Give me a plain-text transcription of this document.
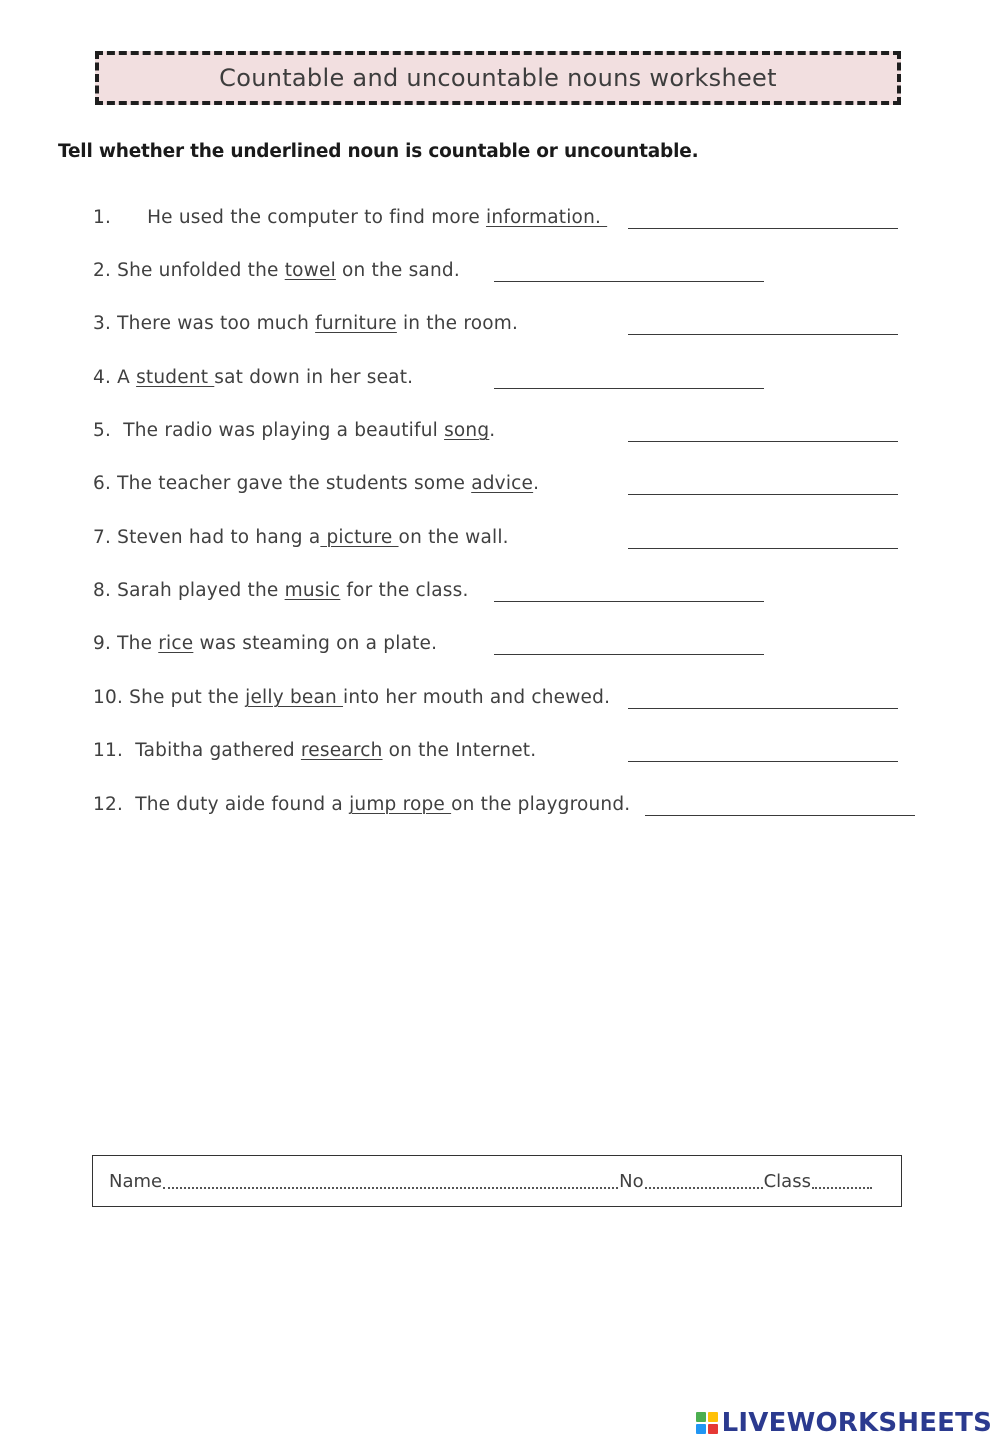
Countable and uncountable nouns worksheet
Tell whether the underlined noun is countable or uncountable.
1. He used the computer to find more information.
2. She unfolded the towel on the sand.
3. There was too much furniture in the room.
4. A student sat down in her seat.
5.  The radio was playing a beautiful song.
6. The teacher gave the students some advice.
7. Steven had to hang a picture on the wall.
8. Sarah played the music for the class.
9. The rice was steaming on a plate.
10. She put the jelly bean into her mouth and chewed.
11.  Tabitha gathered research on the Internet.
12.  The duty aide found a jump rope on the playground.
Name	No	Class
LIVEWORKSHEETS
